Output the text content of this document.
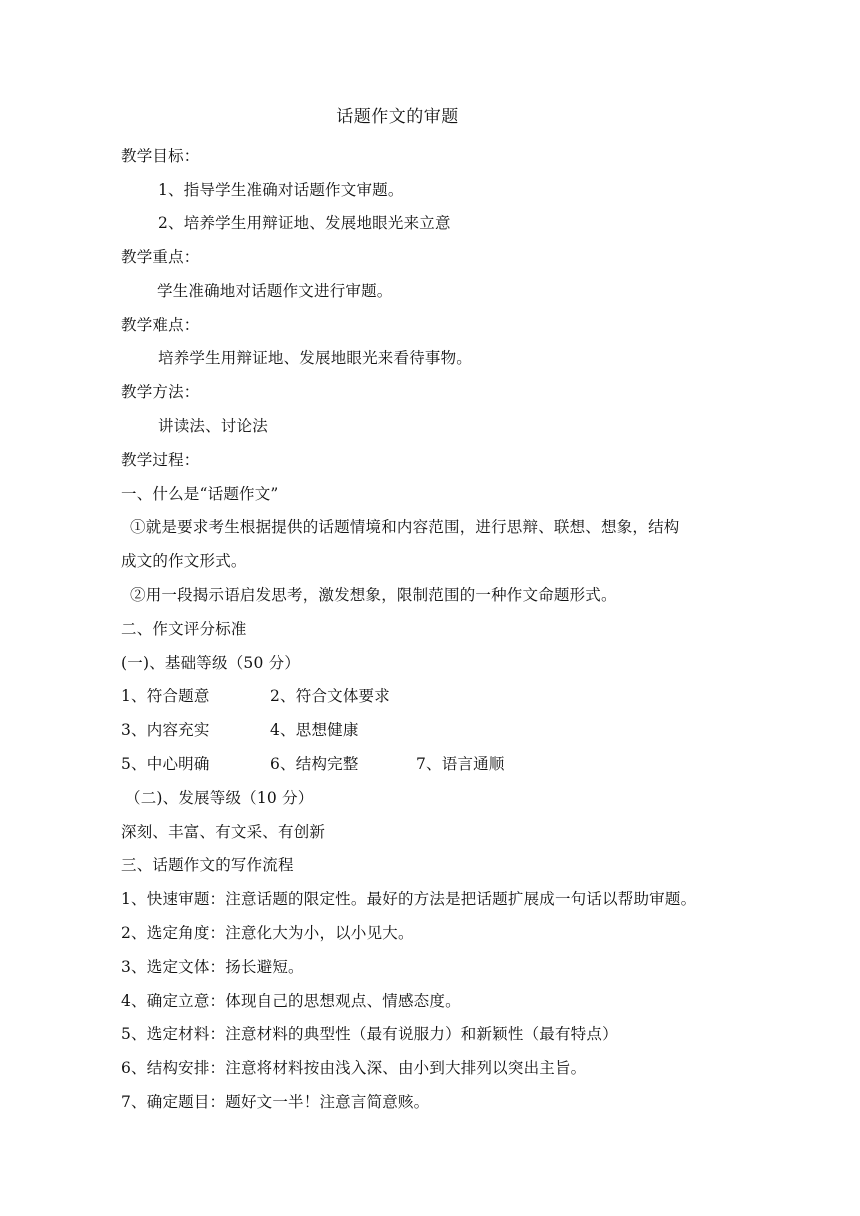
话题作文的审题
教学目标：
1、指导学生准确对话题作文审题。
2、培养学生用辩证地、发展地眼光来立意
教学重点：
学生准确地对话题作文进行审题。
教学难点：
培养学生用辩证地、发展地眼光来看待事物。
教学方法：
讲读法、讨论法
教学过程：
一、什么是“话题作文”
①就是要求考生根据提供的话题情境和内容范围，进行思辩、联想、想象，结构
成文的作文形式。
②用一段揭示语启发思考，激发想象，限制范围的一种作文命题形式。
二、作文评分标准
(一)、基础等级（50 分）
1、符合题意	2、符合文体要求
3、内容充实	4、思想健康
5、中心明确	6、结构完整	7、语言通顺
（二)、发展等级（10 分）
深刻、丰富、有文采、有创新
三、话题作文的写作流程
1、快速审题：注意话题的限定性。最好的方法是把话题扩展成一句话以帮助审题。
2、选定角度：注意化大为小，以小见大。
3、选定文体：扬长避短。
4、确定立意：体现自己的思想观点、情感态度。
5、选定材料：注意材料的典型性（最有说服力）和新颖性（最有特点）
6、结构安排：注意将材料按由浅入深、由小到大排列以突出主旨。
7、确定题目：题好文一半！注意言简意赅。
